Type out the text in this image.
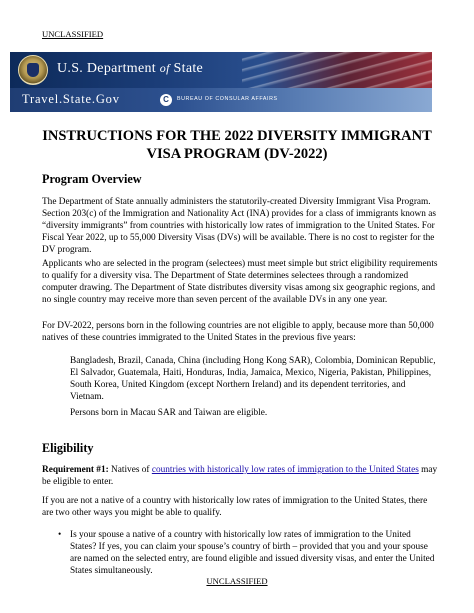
UNCLASSIFIED
U.S. Department of State
Travel.State.Gov	C	BUREAU OF CONSULAR AFFAIRS
INSTRUCTIONS FOR THE 2022 DIVERSITY IMMIGRANT
VISA PROGRAM (DV-2022)
Program Overview
The Department of State annually administers the statutorily-created Diversity Immigrant Visa Program. Section 203(c) of the Immigration and Nationality Act (INA) provides for a class of immigrants known as “diversity immigrants” from countries with historically low rates of immigration to the United States. For Fiscal Year 2022, up to 55,000 Diversity Visas (DVs) will be available. There is no cost to register for the DV program.
Applicants who are selected in the program (selectees) must meet simple but strict eligibility requirements to qualify for a diversity visa. The Department of State determines selectees through a randomized computer drawing. The Department of State distributes diversity visas among six geographic regions, and no single country may receive more than seven percent of the available DVs in any one year.
For DV-2022, persons born in the following countries are not eligible to apply, because more than 50,000 natives of these countries immigrated to the United States in the previous five years:
Bangladesh, Brazil, Canada, China (including Hong Kong SAR), Colombia, Dominican Republic, El Salvador, Guatemala, Haiti, Honduras, India, Jamaica, Mexico, Nigeria, Pakistan, Philippines, South Korea, United Kingdom (except Northern Ireland) and its dependent territories, and Vietnam.
Persons born in Macau SAR and Taiwan are eligible.
Eligibility
Requirement #1: Natives of countries with historically low rates of immigration to the United States may be eligible to enter.
If you are not a native of a country with historically low rates of immigration to the United States, there are two other ways you might be able to qualify.
• Is your spouse a native of a country with historically low rates of immigration to the United States? If yes, you can claim your spouse’s country of birth – provided that you and your spouse are named on the selected entry, are found eligible and issued diversity visas, and enter the United States simultaneously.
UNCLASSIFIED
